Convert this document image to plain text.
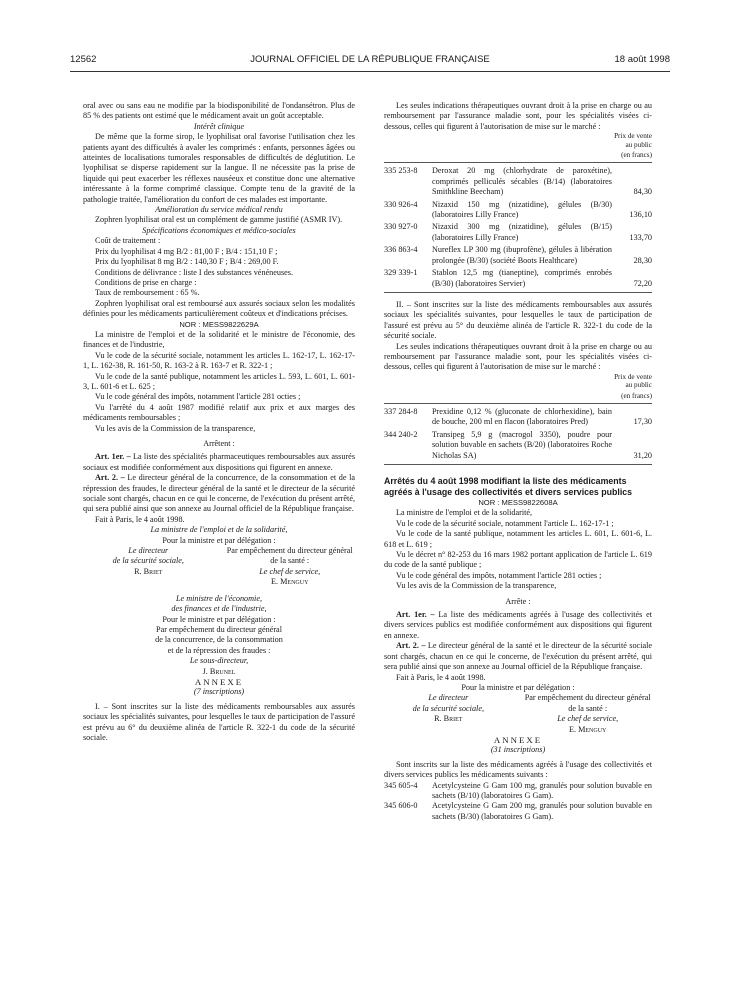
12562	JOURNAL OFFICIEL DE LA RÉPUBLIQUE FRANÇAISE	18 août 1998

oral avec ou sans eau ne modifie par la biodisponibilité de l'ondansétron. Plus de 85 % des patients ont estimé que le médicament avait un goût acceptable.

Intérêt clinique

De même que la forme sirop, le lyophilisat oral favorise l'utilisation chez les patients ayant des difficultés à avaler les comprimés : enfants, personnes âgées ou atteintes de localisations tumorales responsables de difficultés de déglutition. Le lyophilisat se disperse rapidement sur la langue. Il ne nécessite pas la prise de liquide qui peut exacerber les réflexes nauséeux et constitue donc une alternative intéressante à la forme comprimé classique. Compte tenu de la gravité de la pathologie traitée, l'amélioration du confort de ces malades est importante.

Amélioration du service médical rendu

Zophren lyophilisat oral est un complément de gamme justifié (ASMR IV).

Spécifications économiques et médico-sociales

Coût de traitement :

Prix du lyophilisat 4 mg B/2 : 81,00 F ; B/4 : 151,10 F ;

Prix du lyophilisat 8 mg B/2 : 140,30 F ; B/4 : 269,00 F.

Conditions de délivrance : liste I des substances vénéneuses.

Conditions de prise en charge :

Taux de remboursement : 65 %.

Zophren lyophilisat oral est remboursé aux assurés sociaux selon les modalités définies pour les médicaments particulièrement coûteux et d'indications précises.

NOR : MESS9822629A

La ministre de l'emploi et de la solidarité et le ministre de l'économie, des finances et de l'industrie,

Vu le code de la sécurité sociale, notamment les articles L. 162-17, L. 162-17-1, L. 162-38, R. 161-50, R. 163-2 à R. 163-7 et R. 322-1 ;

Vu le code de la santé publique, notamment les articles L. 593, L. 601, L. 601-3, L. 601-6 et L. 625 ;

Vu le code général des impôts, notamment l'article 281 octies ;

Vu l'arrêté du 4 août 1987 modifié relatif aux prix et aux marges des médicaments remboursables ;

Vu les avis de la Commission de la transparence,

Arrêtent :

Art. 1er. – La liste des spécialités pharmaceutiques remboursables aux assurés sociaux est modifiée conformément aux dispositions qui figurent en annexe.

Art. 2. – Le directeur général de la concurrence, de la consommation et de la répression des fraudes, le directeur général de la santé et le directeur de la sécurité sociale sont chargés, chacun en ce qui le concerne, de l'exécution du présent arrêté, qui sera publié ainsi que son annexe au Journal officiel de la République française.

Fait à Paris, le 4 août 1998.

La ministre de l'emploi et de la solidarité,

Pour la ministre et par délégation :

Le directeur

de la sécurité sociale,

R. Briet

Par empêchement du directeur général

de la santé :

Le chef de service,

E. Menguy

Le ministre de l'économie,

des finances et de l'industrie,

Pour le ministre et par délégation :

Par empêchement du directeur général

de la concurrence, de la consommation

et de la répression des fraudes :

Le sous-directeur,

J. Brunel

ANNEXE

(7 inscriptions)

I. – Sont inscrites sur la liste des médicaments remboursables aux assurés sociaux les spécialités suivantes, pour lesquelles le taux de participation de l'assuré est prévu au 6° du deuxième alinéa de l'article R. 322-1 du code de la sécurité sociale.

Les seules indications thérapeutiques ouvrant droit à la prise en charge ou au remboursement par l'assurance maladie sont, pour les spécialités visées ci-dessous, celles qui figurent à l'autorisation de mise sur le marché :

Prix de vente
au public
(en francs)
335 253-8	Deroxat 20 mg (chlorhydrate de paroxétine), comprimés pelliculés sécables (B/14) (laboratoires Smithkline Beecham)	84,30
330 926-4	Nizaxid 150 mg (nizatidine), gélules (B/30) (laboratoires Lilly France)	136,10
330 927-0	Nizaxid 300 mg (nizatidine), gélules (B/15) (laboratoires Lilly France)	133,70
336 863-4	Nureflex LP 300 mg (ibuprofène), gélules à libération prolongée (B/30) (société Boots Healthcare)	28,30
329 339-1	Stablon 12,5 mg (tianeptine), comprimés enrobés (B/30) (laboratoires Servier)	72,20

II. – Sont inscrites sur la liste des médicaments remboursables aux assurés sociaux les spécialités suivantes, pour lesquelles le taux de participation de l'assuré est prévu au 5° du deuxième alinéa de l'article R. 322-1 du code de la sécurité sociale.

Les seules indications thérapeutiques ouvrant droit à la prise en charge ou au remboursement par l'assurance maladie sont, pour les spécialités visées ci-dessous, celles qui figurent à l'autorisation de mise sur le marché :

Prix de vente
au public
(en francs)
337 284-8	Prexidine 0,12 % (gluconate de chlorhexidine), bain de bouche, 200 ml en flacon (laboratoires Pred)	17,30
344 240-2	Transipeg 5,9 g (macrogol 3350), poudre pour solution buvable en sachets (B/20) (laboratoires Roche Nicholas SA)	31,20

Arrêtés du 4 août 1998 modifiant la liste des médicaments agréés à l'usage des collectivités et divers services publics

NOR : MESS9822608A

La ministre de l'emploi et de la solidarité,

Vu le code de la sécurité sociale, notamment l'article L. 162-17-1 ;

Vu le code de la santé publique, notamment les articles L. 601, L. 601-6, L. 618 et L. 619 ;

Vu le décret n° 82-253 du 16 mars 1982 portant application de l'article L. 619 du code de la santé publique ;

Vu le code général des impôts, notamment l'article 281 octies ;

Vu les avis de la Commission de la transparence,

Arrête :

Art. 1er. – La liste des médicaments agréés à l'usage des collectivités et divers services publics est modifiée conformément aux dispositions qui figurent en annexe.

Art. 2. – Le directeur général de la santé et le directeur de la sécurité sociale sont chargés, chacun en ce qui le concerne, de l'exécution du présent arrêté, qui sera publié ainsi que son annexe au Journal officiel de la République française.

Fait à Paris, le 4 août 1998.

Pour la ministre et par délégation :

Le directeur

de la sécurité sociale,

R. Briet

Par empêchement du directeur général

de la santé :

Le chef de service,

E. Menguy

ANNEXE

(31 inscriptions)

Sont inscrits sur la liste des médicaments agréés à l'usage des collectivités et divers services publics les médicaments suivants :

345 605-4	Acetylcysteine G Gam 100 mg, granulés pour solution buvable en sachets (B/10) (laboratoires G Gam).
345 606-0	Acetylcysteine G Gam 200 mg, granulés pour solution buvable en sachets (B/30) (laboratoires G Gam).
